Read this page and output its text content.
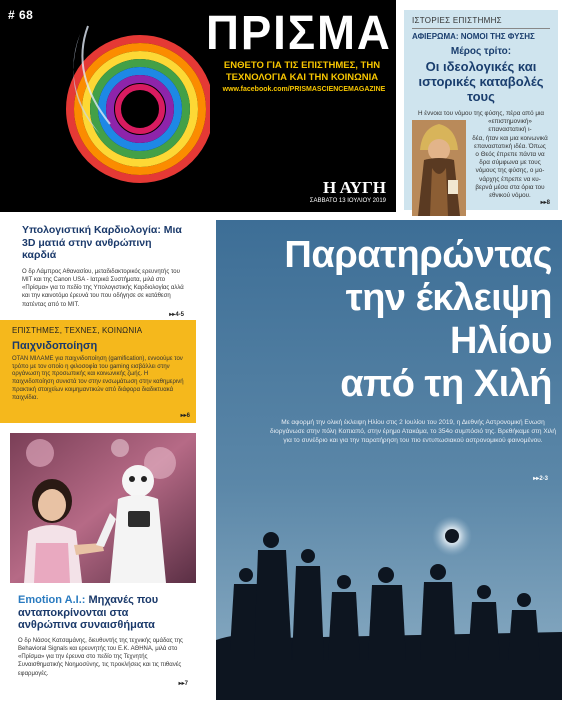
# 68	ΠΡΙΣΜΑ
ΕΝΘΕΤΟ ΓΙΑ ΤΙΣ ΕΠΙΣΤΗΜΕΣ, ΤΗΝ ΤΕΧΝΟΛΟΓΙΑ ΚΑΙ ΤΗΝ ΚΟΙΝΩΝΙΑ
www.facebook.com/PRISMASCIENCEMAGAZINE
Η ΑΥΓΗ
ΣΑΒΒΑΤΟ 13 ΙΟΥΛΙΟΥ 2019
ΙΣΤΟΡΙΕΣ ΕΠΙΣΤΗΜΗΣ
ΑΦΙΕΡΩΜΑ: ΝΟΜΟΙ ΤΗΣ ΦΥΣΗΣ
Μέρος τρίτο:
Οι ιδεολογικές και ιστορικές καταβολές τους
Η έννοια του νόμου της φύσης, πέρα από μια
«επιστημονική» επαναστατική ι-
δέα, ήταν και μια κοινωνικά
επαναστατική ιδέα. Όπως
ο Θεός έπρεπε πάντα να
δρα σύμφωνα με τους
νόμους της φύσης, ο μο-
νάρχης έπρεπε να κυ-
βερνά μέσα στα όρια του
εθνικού νόμου.
▸▸8
Υπολογιστική Καρδιολογία: Μια 3D ματιά στην ανθρώπινη καρδιά
Ο δρ Λάμπρος Αθανασίου, μεταδιδακτορικός ερευνητής του MIT και της Canon USA - Ιατρικά Συστήματα, μιλά στο «Πρίσμα» για το πεδίο της Υπολογιστικής Καρδιολογίας αλλά και την καινοτόμο έρευνά του που οδήγησε σε κατάθεση πατέντας από το MIT.
▸▸4-5
ΕΠΙΣΤΗΜΕΣ, ΤΕΧΝΕΣ, ΚΟΙΝΩΝΙΑ
Παιχνιδοποίηση
ΟΤΑΝ ΜΙΛΑΜΕ για παιχνιδοποίηση (gamification), εννοούμε τον τρόπο με τον οποίο η φιλοσοφία του gaming εισβάλλει στην οργάνωση της προσωπικής και κοινωνικής ζωής. Η παιχνιδοποίηση συνιστά τον στην ενσωμάτωση στην καθημερινή πρακτική στοιχείων κοιμημαντικών από διάφορα διαδικτυακά παιχνίδια.
▸▸6
Emotion A.I.: Μηχανές που ανταποκρίνονται στα ανθρώπινα συναισθήματα
Ο δρ Νάσος Κατσαμάνης, διευθυντής της τεχνικής ομάδας της Behavioral Signals και ερευνητής του Ε.Κ. ΑΘΗΝΑ, μιλά στο «Πρίσμα» για την έρευνα στο πεδίο της Τεχνητής Συναισθηματικής Νοημοσύνης, τις προκλήσεις και τις πιθανές εφαρμογές.
▸▸7
Παρατηρώντας
την έκλειψη
Ηλίου
από τη Χιλή
Με αφορμή την ολική έκλειψη Ηλίου στις 2 Ιουλίου του 2019, η Διεθνής Αστρονομική Ενωση διοργάνωσε στην πόλη Κοπιαπό, στην έρημο Ατακάμα, το 354ο συμπόσιό της. Βρεθήκαμε στη Χιλή για το συνέδριο και για την παρατήρηση του πιο εντυπωσιακού αστρονομικού φαινομένου.
▸▸2-3
